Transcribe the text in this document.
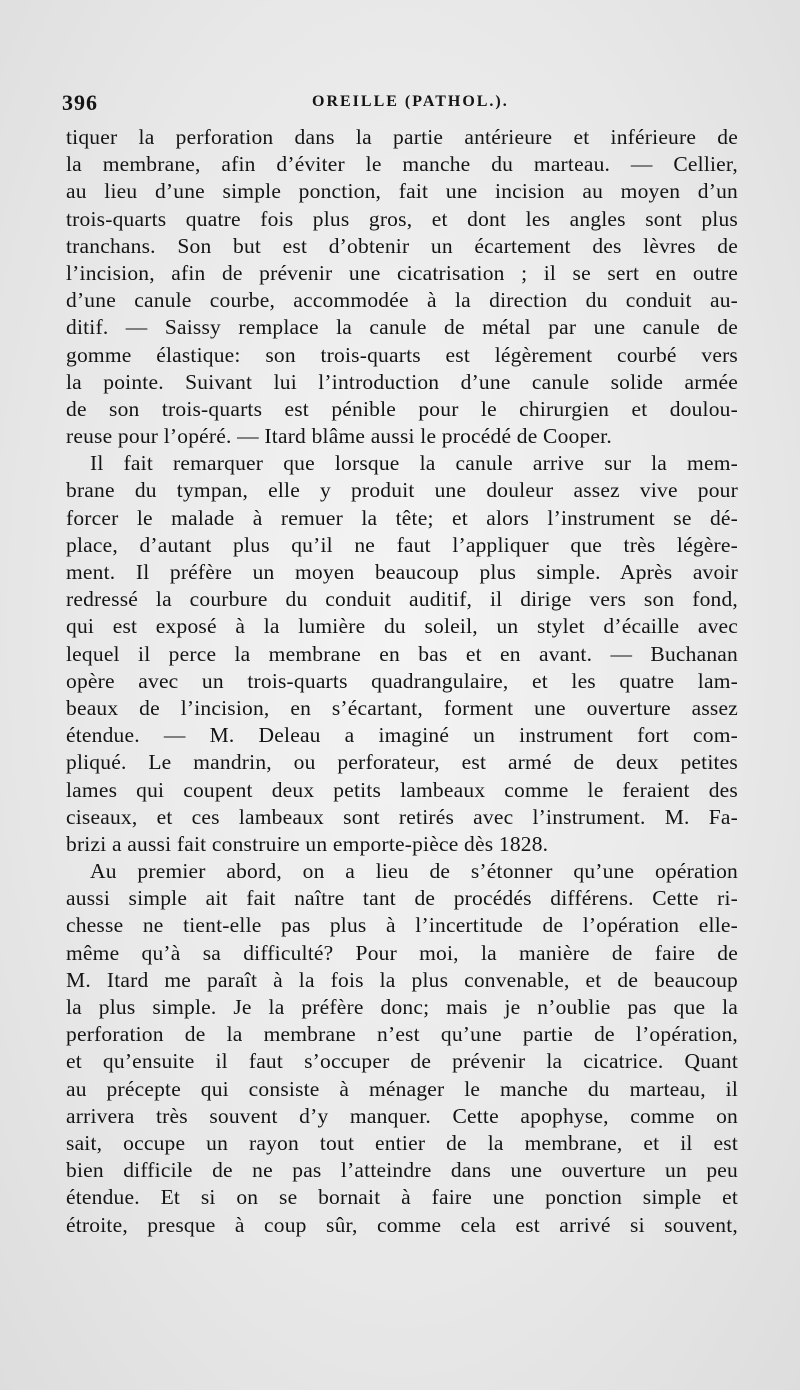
396	OREILLE (PATHOL.).
tiquer la perforation dans la partie antérieure et inférieure de
la membrane, afin d’éviter le manche du marteau. — Cellier,
au lieu d’une simple ponction, fait une incision au moyen d’un
trois-quarts quatre fois plus gros, et dont les angles sont plus
tranchans. Son but est d’obtenir un écartement des lèvres de
l’incision, afin de prévenir une cicatrisation ; il se sert en outre
d’une canule courbe, accommodée à la direction du conduit au-
ditif. — Saissy remplace la canule de métal par une canule de
gomme élastique: son trois-quarts est légèrement courbé vers
la pointe. Suivant lui l’introduction d’une canule solide armée
de son trois-quarts est pénible pour le chirurgien et doulou-
reuse pour l’opéré. — Itard blâme aussi le procédé de Cooper.
Il fait remarquer que lorsque la canule arrive sur la mem-
brane du tympan, elle y produit une douleur assez vive pour
forcer le malade à remuer la tête; et alors l’instrument se dé-
place, d’autant plus qu’il ne faut l’appliquer que très légère-
ment. Il préfère un moyen beaucoup plus simple. Après avoir
redressé la courbure du conduit auditif, il dirige vers son fond,
qui est exposé à la lumière du soleil, un stylet d’écaille avec
lequel il perce la membrane en bas et en avant. — Buchanan
opère avec un trois-quarts quadrangulaire, et les quatre lam-
beaux de l’incision, en s’écartant, forment une ouverture assez
étendue. — M. Deleau a imaginé un instrument fort com-
pliqué. Le mandrin, ou perforateur, est armé de deux petites
lames qui coupent deux petits lambeaux comme le feraient des
ciseaux, et ces lambeaux sont retirés avec l’instrument. M. Fa-
brizi a aussi fait construire un emporte-pièce dès 1828.
Au premier abord, on a lieu de s’étonner qu’une opération
aussi simple ait fait naître tant de procédés différens. Cette ri-
chesse ne tient-elle pas plus à l’incertitude de l’opération elle-
même qu’à sa difficulté? Pour moi, la manière de faire de
M. Itard me paraît à la fois la plus convenable, et de beaucoup
la plus simple. Je la préfère donc; mais je n’oublie pas que la
perforation de la membrane n’est qu’une partie de l’opération,
et qu’ensuite il faut s’occuper de prévenir la cicatrice. Quant
au précepte qui consiste à ménager le manche du marteau, il
arrivera très souvent d’y manquer. Cette apophyse, comme on
sait, occupe un rayon tout entier de la membrane, et il est
bien difficile de ne pas l’atteindre dans une ouverture un peu
étendue. Et si on se bornait à faire une ponction simple et
étroite, presque à coup sûr, comme cela est arrivé si souvent,
